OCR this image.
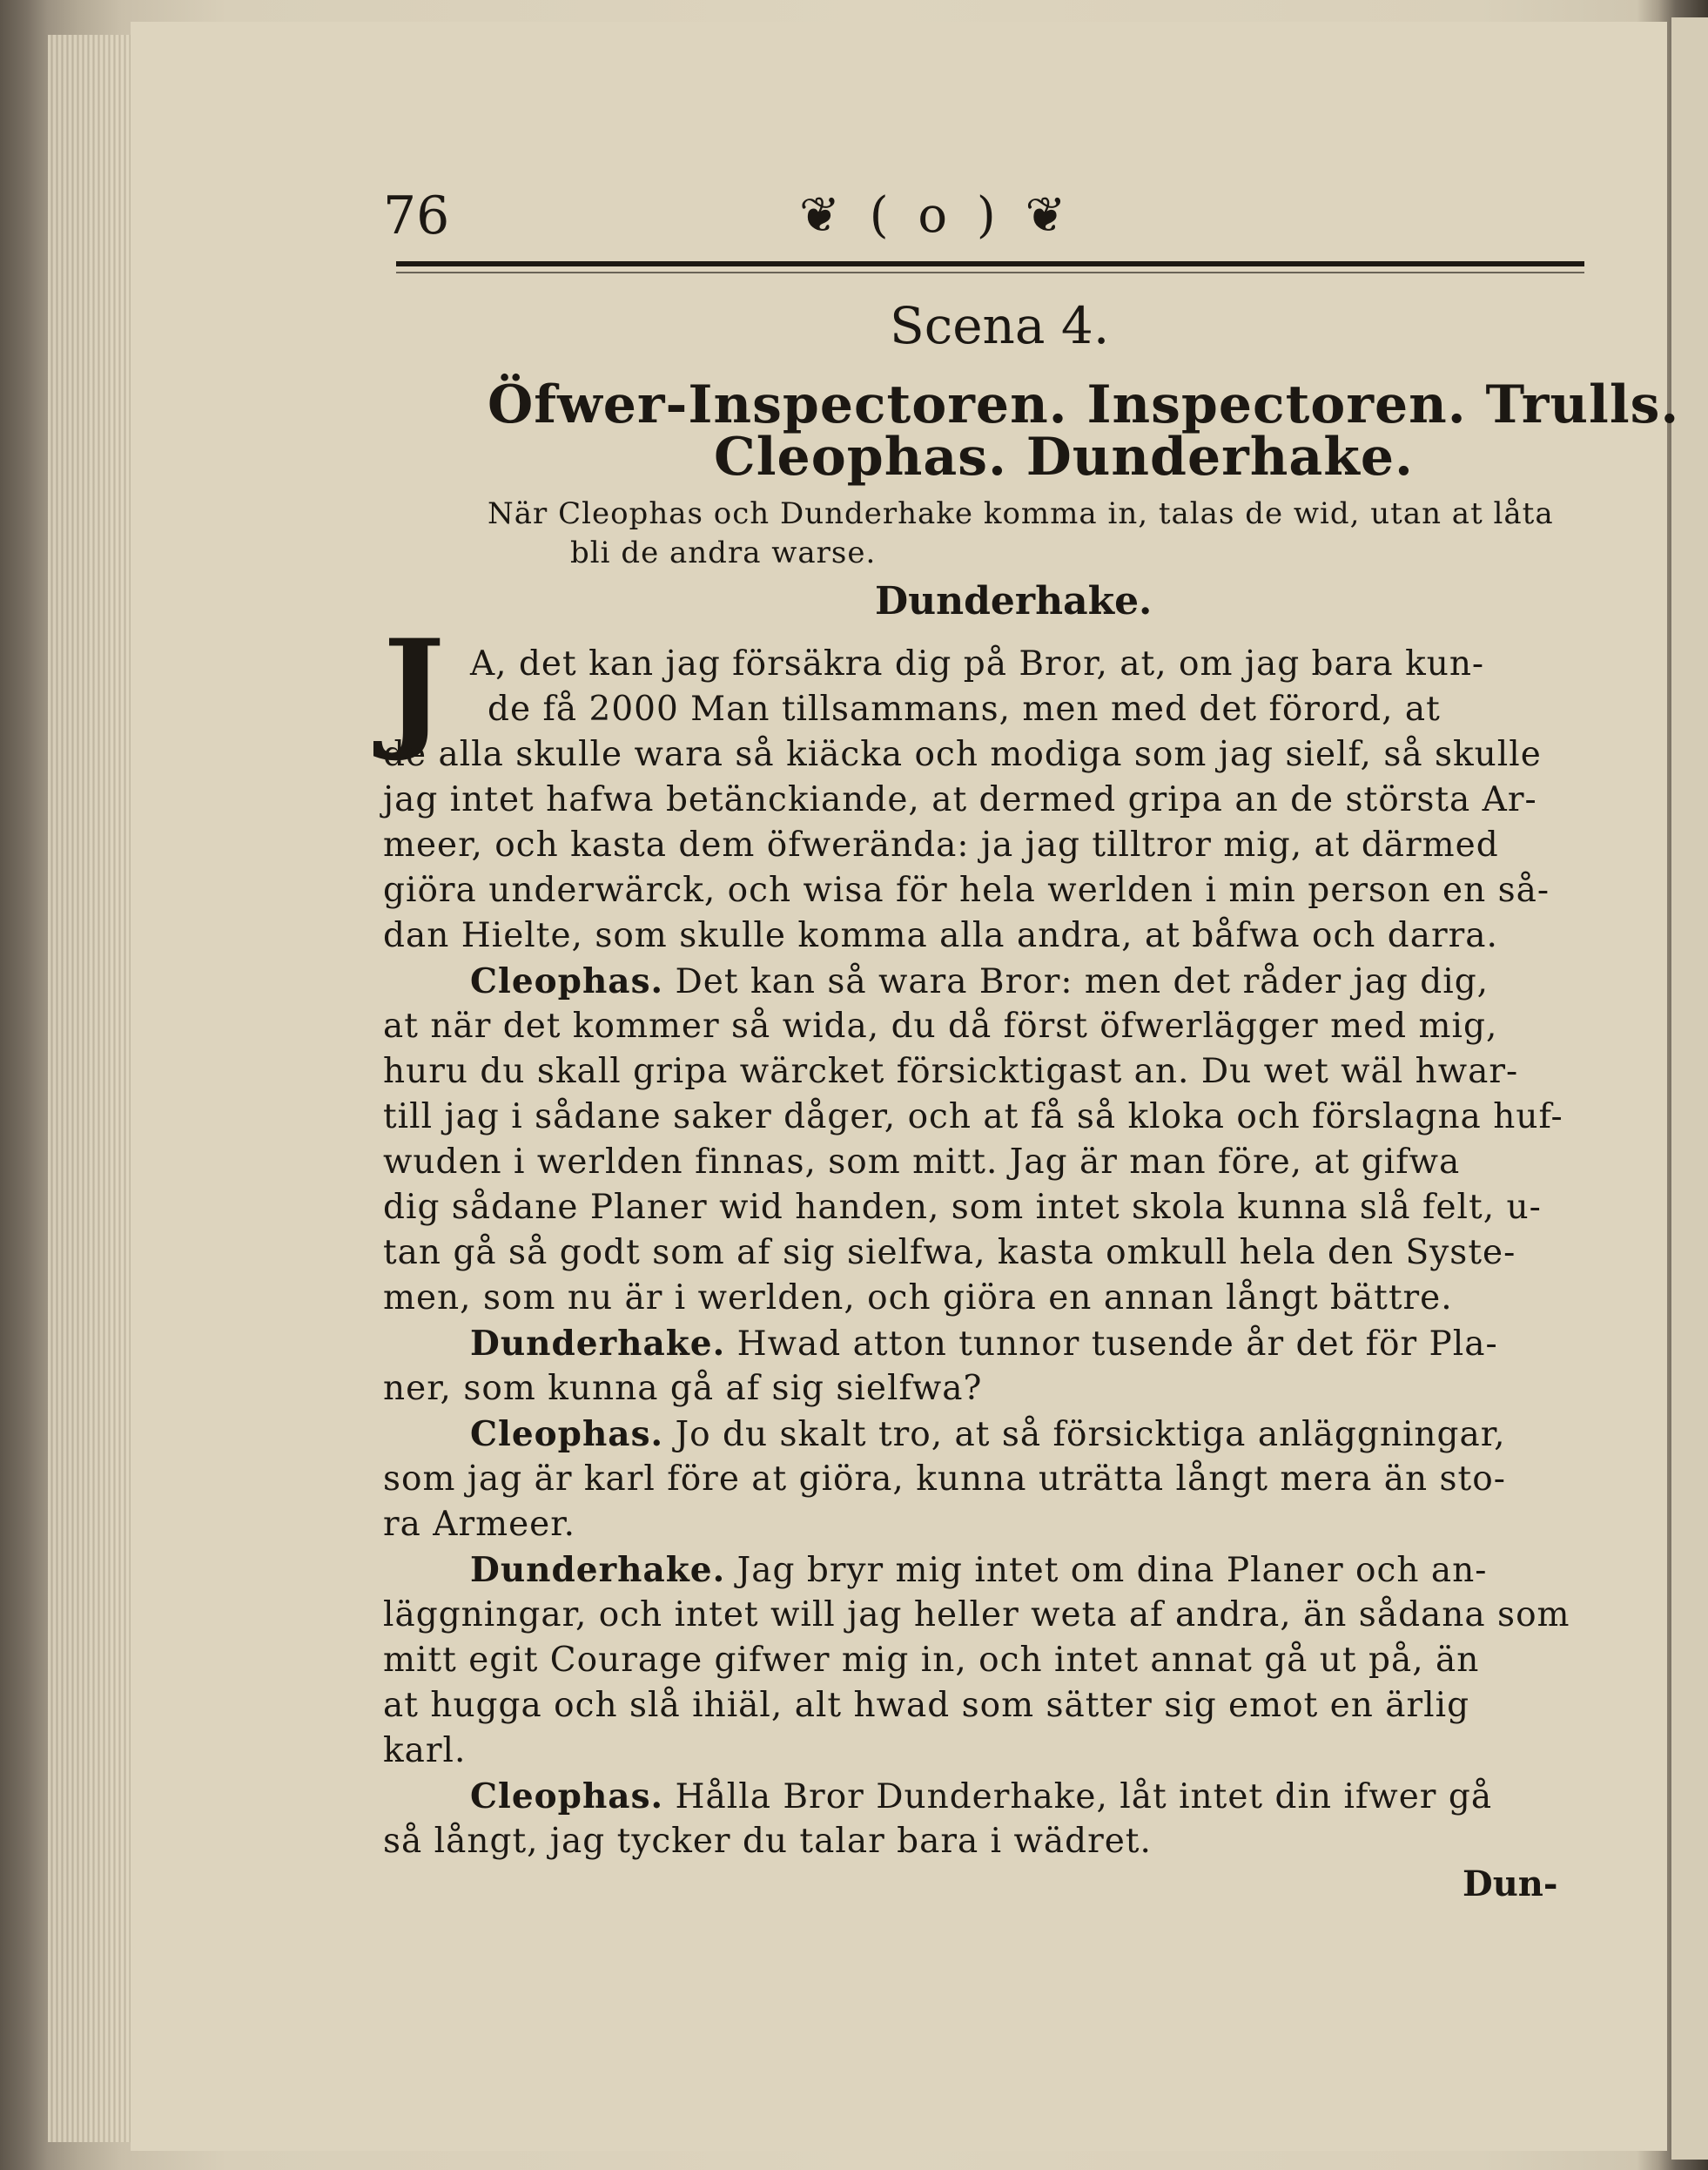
76	❦ ( o ) ❦
Scena 4.
Öfwer-Inspectoren. Inspectoren. Trulls.
Cleophas. Dunderhake.
När Cleophas och Dunderhake komma in, talas de wid, utan at låta
bli de andra warse.
Dunderhake.
J A, det kan jag försäkra dig på Bror, at, om jag bara kun-
de få 2000 Man tillsammans, men med det förord, at
de alla skulle wara så kiäcka och modiga som jag sielf, så skulle
jag intet hafwa betänckiande, at dermed gripa an de största Ar-
meer, och kasta dem öfwerända: ja jag tilltror mig, at därmed
giöra underwärck, och wisa för hela werlden i min person en så-
dan Hielte, som skulle komma alla andra, at båfwa och darra.
Cleophas. Det kan så wara Bror: men det råder jag dig,
at när det kommer så wida, du då först öfwerlägger med mig,
huru du skall gripa wärcket försicktigast an. Du wet wäl hwar-
till jag i sådane saker dåger, och at få så kloka och förslagna huf-
wuden i werlden finnas, som mitt. Jag är man före, at gifwa
dig sådane Planer wid handen, som intet skola kunna slå felt, u-
tan gå så godt som af sig sielfwa, kasta omkull hela den Syste-
men, som nu är i werlden, och giöra en annan långt bättre.
Dunderhake. Hwad atton tunnor tusende år det för Pla-
ner, som kunna gå af sig sielfwa?
Cleophas. Jo du skalt tro, at så försicktiga anläggningar,
som jag är karl före at giöra, kunna uträtta långt mera än sto-
ra Armeer.
Dunderhake. Jag bryr mig intet om dina Planer och an-
läggningar, och intet will jag heller weta af andra, än sådana som
mitt egit Courage gifwer mig in, och intet annat gå ut på, än
at hugga och slå ihiäl, alt hwad som sätter sig emot en ärlig
karl.
Cleophas. Hålla Bror Dunderhake, låt intet din ifwer gå
så långt, jag tycker du talar bara i wädret.
Dun-
